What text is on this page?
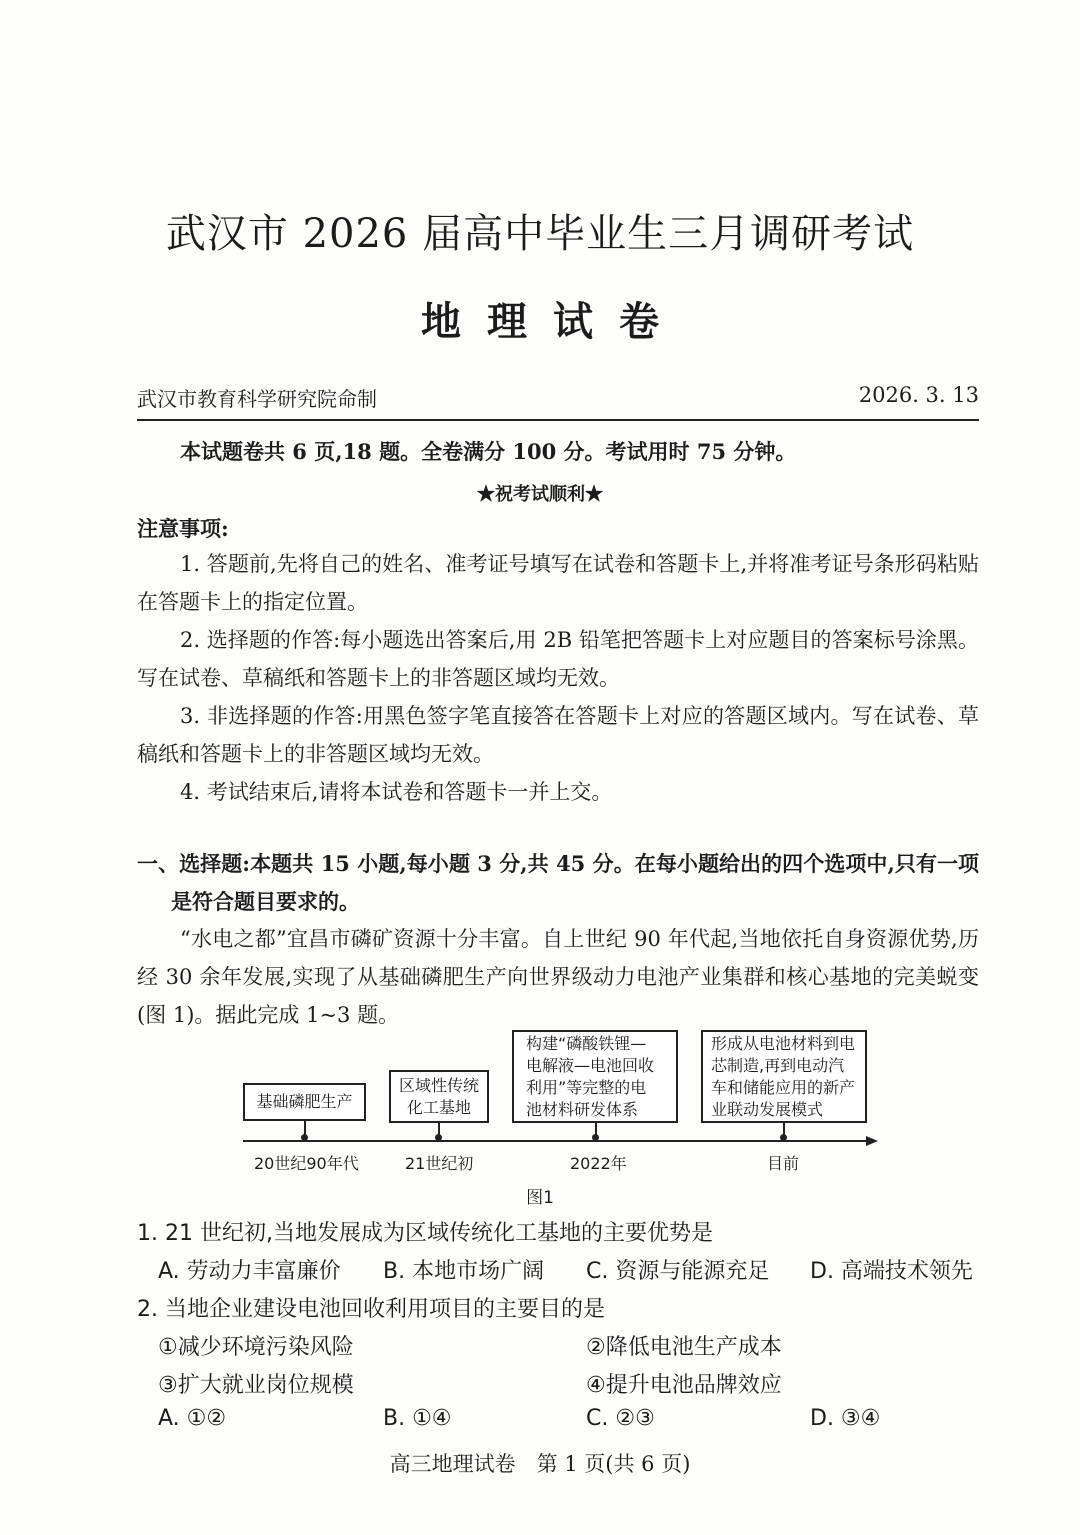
武汉市 2026 届高中毕业生三月调研考试
地理试卷
武汉市教育科学研究院命制	2026. 3. 13
本试题卷共 6 页,18 题。全卷满分 100 分。考试用时 75 分钟。
★祝考试顺利★
注意事项:
1. 答题前,先将自己的姓名、准考证号填写在试卷和答题卡上,并将准考证号条形码粘贴在答题卡上的指定位置。
2. 选择题的作答:每小题选出答案后,用 2B 铅笔把答题卡上对应题目的答案标号涂黑。写在试卷、草稿纸和答题卡上的非答题区域均无效。
3. 非选择题的作答:用黑色签字笔直接答在答题卡上对应的答题区域内。写在试卷、草稿纸和答题卡上的非答题区域均无效。
4. 考试结束后,请将本试卷和答题卡一并上交。
一、选择题:本题共 15 小题,每小题 3 分,共 45 分。在每小题给出的四个选项中,只有一项是符合题目要求的。
“水电之都”宜昌市磷矿资源十分丰富。自上世纪 90 年代起,当地依托自身资源优势,历经 30 余年发展,实现了从基础磷肥生产向世界级动力电池产业集群和核心基地的完美蜕变(图 1)。据此完成 1~3 题。
基础磷肥生产
区域性传统
化工基地
构建“磷酸铁锂—
电解液—电池回收
利用”等完整的电
池材料研发体系
形成从电池材料到电
芯制造,再到电动汽
车和储能应用的新产
业联动发展模式
20世纪90年代	21世纪初	2022年	目前
图1
1. 21 世纪初,当地发展成为区域传统化工基地的主要优势是
A. 劳动力丰富廉价 B. 本地市场广阔 C. 资源与能源充足 D. 高端技术领先
2. 当地企业建设电池回收利用项目的主要目的是
①减少环境污染风险	②降低电池生产成本
③扩大就业岗位规模	④提升电池品牌效应
A. ①②	B. ①④	C. ②③	D. ③④
高三地理试卷　第 1 页(共 6 页)
